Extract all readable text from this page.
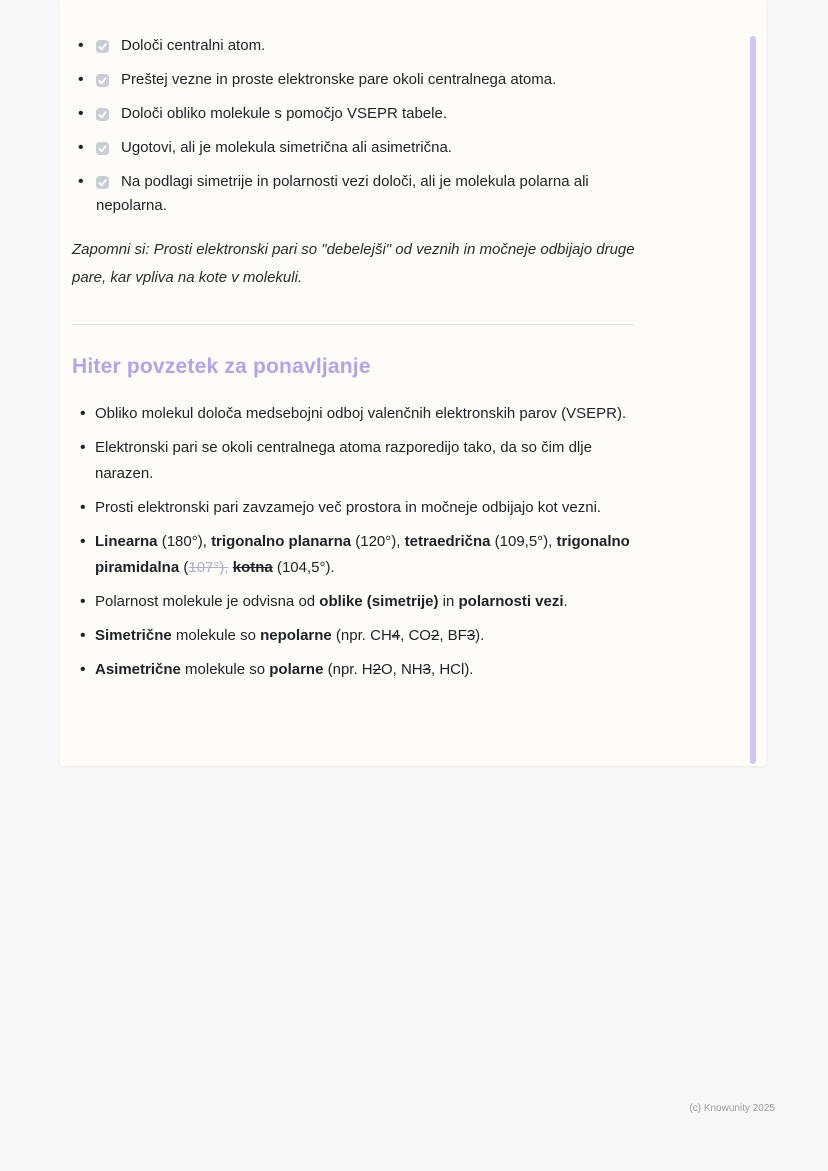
• Določi centralni atom.
• Preštej vezne in proste elektronske pare okoli centralnega atoma.
• Določi obliko molekule s pomočjo VSEPR tabele.
• Ugotovi, ali je molekula simetrična ali asimetrična.
• Na podlagi simetrije in polarnosti vezi določi, ali je molekula polarna ali nepolarna.

Zapomni si: Prosti elektronski pari so "debelejši" od veznih in močneje odbijajo druge pare, kar vpliva na kote v molekuli.

Hiter povzetek za ponavljanje
• Obliko molekul določa medsebojni odboj valenčnih elektronskih parov (VSEPR).
• Elektronski pari se okoli centralnega atoma razporedijo tako, da so čim dlje narazen.
• Prosti elektronski pari zavzamejo več prostora in močneje odbijajo kot vezni.
• Linearna (180°), trigonalno planarna (120°), tetraedrična (109,5°), trigonalno piramidalna (107°), kotna (104,5°).
• Polarnost molekule je odvisna od oblike (simetrije) in polarnosti vezi.
• Simetrične molekule so nepolarne (npr. CH4, CO2, BF3).
• Asimetrične molekule so polarne (npr. H2O, NH3, HCl).
(c) Knowunity 2025
